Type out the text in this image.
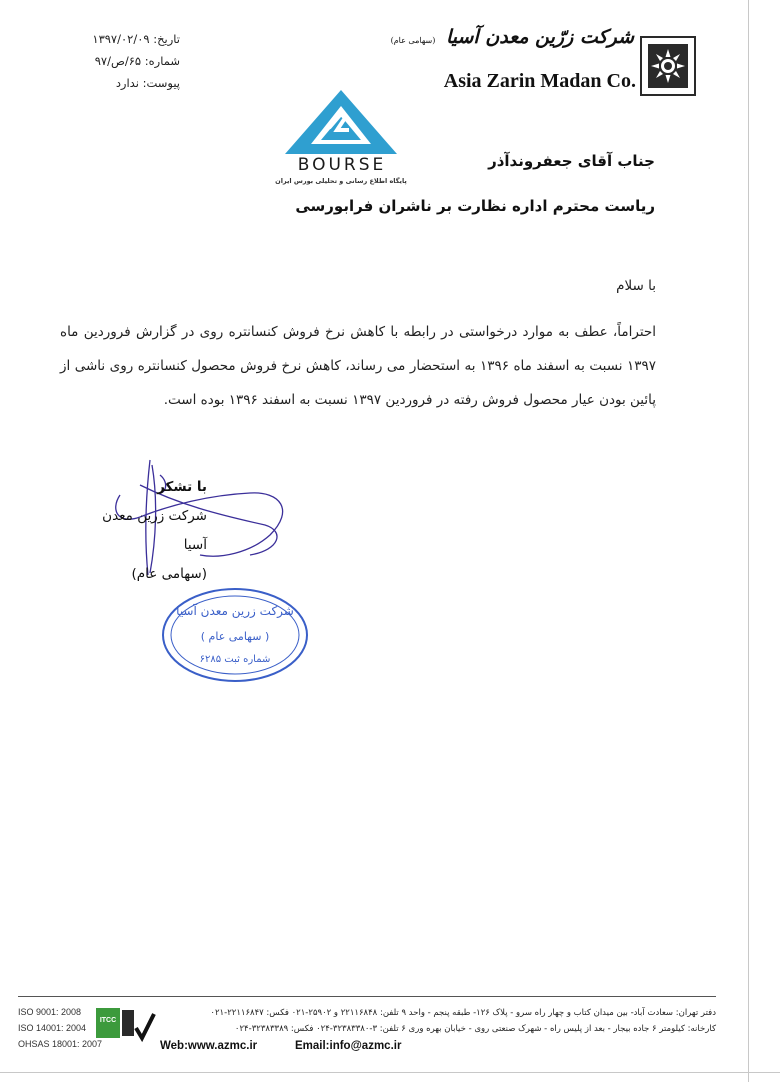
تاریخ: ۱۳۹۷/۰۲/۰۹
شماره: ۶۵/ص/۹۷
پیوست: ندارد
شرکت زرّین معدن آسیا (سهامی عام)
Asia Zarin Madan Co.
BOURSE
پایگاه اطلاع رسانی و تحلیلی بورس ایران
جناب آقای جعفروندآذر
ریاست محترم اداره نظارت بر ناشران فرابورسی
با سلام
احتراماً، عطف به موارد درخواستی در رابطه با کاهش نرخ فروش کنسانتره روی در گزارش فروردین ماه ۱۳۹۷ نسبت به اسفند ماه ۱۳۹۶ به استحضار می رساند، کاهش نرخ فروش محصول کنسانتره روی ناشی از پائین بودن عیار محصول فروش رفته در فروردین ۱۳۹۷ نسبت به اسفند ۱۳۹۶ بوده است.
با تشکر
شرکت زرین معدن آسیا
(سهامی عام)
شرکت زرین معدن آسیا
( سهامی عام )
شماره ثبت ۶۲۸۵
ISO 9001: 2008
ISO 14001: 2004
OHSAS 18001: 2007
ITCC
دفتر تهران: سعادت آباد- بین میدان کتاب و چهار راه سرو - پلاک ۱۲۶- طبقه پنجم - واحد ۹ تلفن: ۲۲۱۱۶۸۴۸ و ۲۵۹۰۲-۰۲۱ فکس: ۲۲۱۱۶۸۴۷-۰۲۱
کارخانه: کیلومتر ۶ جاده بیجار - بعد از پلیس راه - شهرک صنعتی روی - خیابان بهره وری ۶ تلفن: ۳-۳۲۳۸۳۳۸۰-۰۲۴ فکس: ۳۲۳۸۳۳۸۹-۰۲۴
Web:www.azmc.ir	Email:info@azmc.ir
